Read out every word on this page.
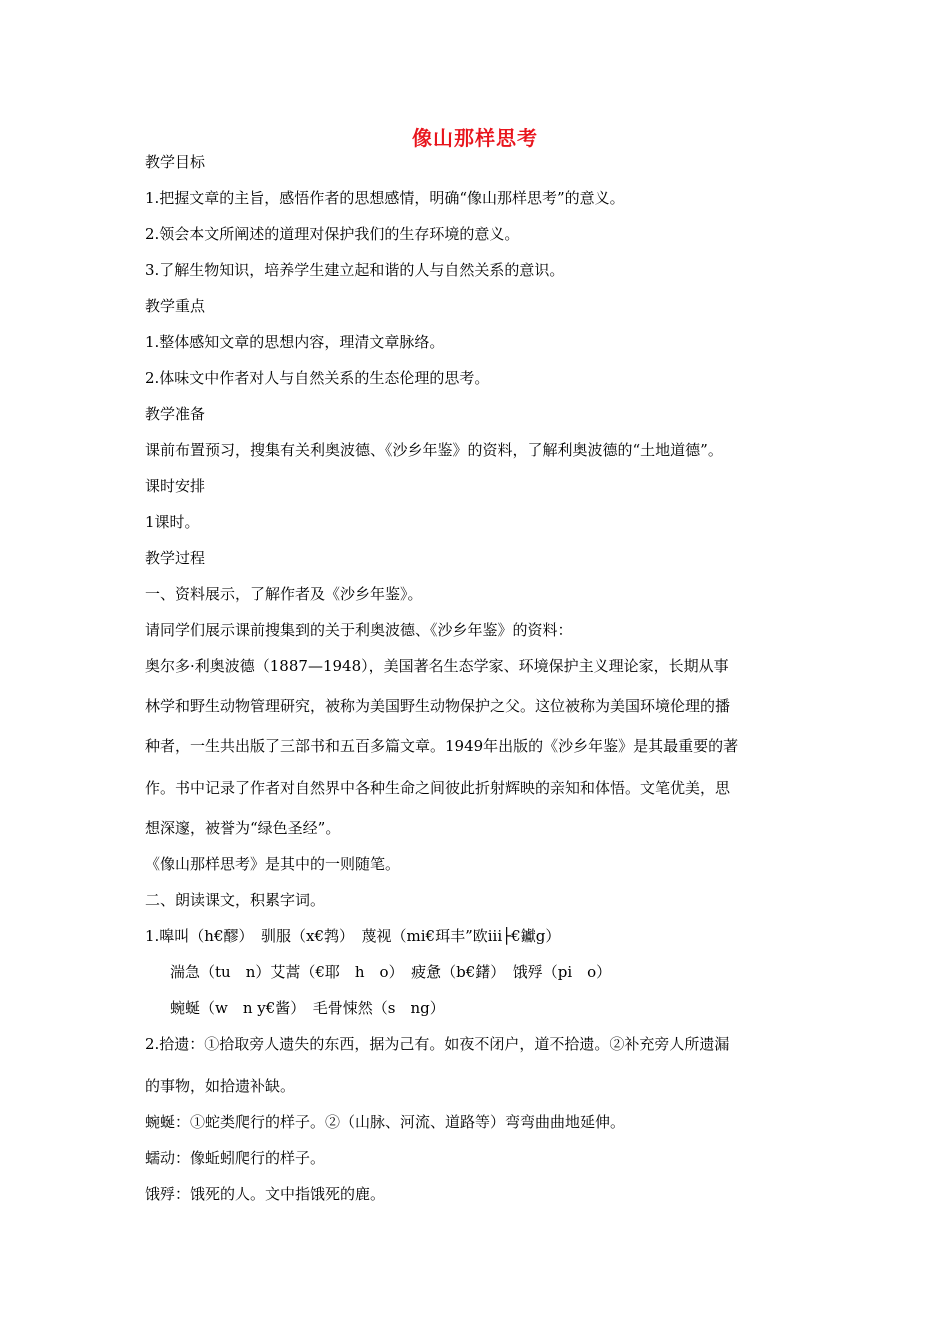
像山那样思考
教学目标
1.把握文章的主旨，感悟作者的思想感情，明确“像山那样思考”的意义。
2.领会本文所阐述的道理对保护我们的生存环境的意义。
3.了解生物知识，培养学生建立起和谐的人与自然关系的意识。
教学重点
1.整体感知文章的思想内容，理清文章脉络。
2.体味文中作者对人与自然关系的生态伦理的思考。
教学准备
课前布置预习，搜集有关利奥波德、《沙乡年鉴》的资料，了解利奥波德的“土地道德”。
课时安排
1课时。
教学过程
一、资料展示，了解作者及《沙乡年鉴》。
请同学们展示课前搜集到的关于利奥波德、《沙乡年鉴》的资料：
奥尔多·利奥波德（1887—1948），美国著名生态学家、环境保护主义理论家，长期从事
林学和野生动物管理研究，被称为美国野生动物保护之父。这位被称为美国环境伦理的播
种者，一生共出版了三部书和五百多篇文章。1949年出版的《沙乡年鉴》是其最重要的著
作。书中记录了作者对自然界中各种生命之间彼此折射辉映的亲知和体悟。文笔优美，思
想深邃，被誉为“绿色圣经”。
《像山那样思考》是其中的一则随笔。
二、朗读课文，积累字词。
1.嗥叫（h€醪）　驯服（x€鹁）　蔑视（mi€珥丰”欧iii├€钀g）
湍急（tu　n）艾蒿（€耶　h　o）　疲惫（b€鐯）　饿殍（pi　o）
蜿蜒（w　n y€酱）　毛骨悚然（s　ng）
2.拾遗：①拾取旁人遗失的东西，据为己有。如夜不闭户，道不拾遗。②补充旁人所遗漏
的事物，如拾遗补缺。
蜿蜒：①蛇类爬行的样子。②（山脉、河流、道路等）弯弯曲曲地延伸。
蠕动：像蚯蚓爬行的样子。
饿殍：饿死的人。文中指饿死的鹿。
